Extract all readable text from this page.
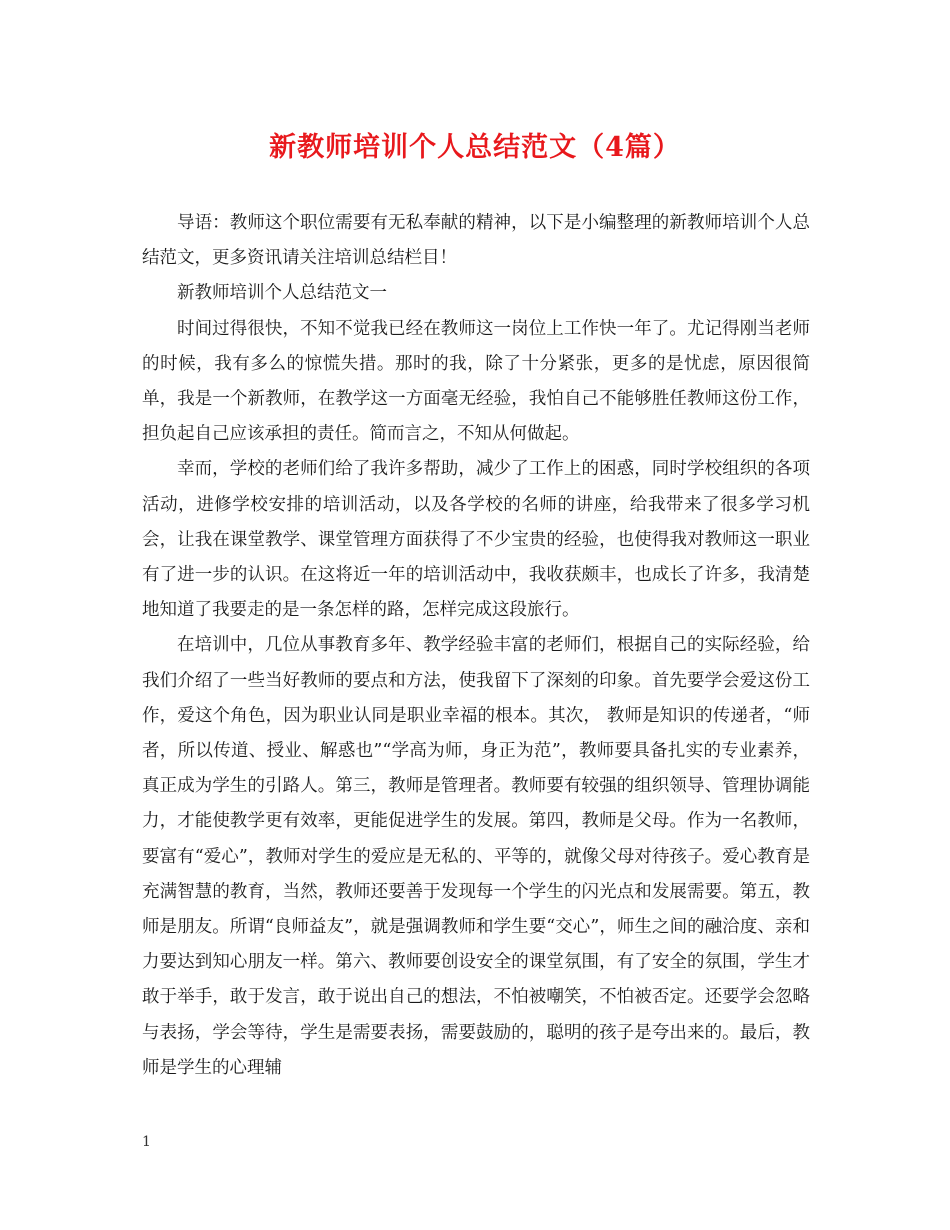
新教师培训个人总结范文（4篇）

导语：教师这个职位需要有无私奉献的精神，以下是小编整理的新教师培训个人总结范文，更多资讯请关注培训总结栏目！

新教师培训个人总结范文一

时间过得很快，不知不觉我已经在教师这一岗位上工作快一年了。尤记得刚当老师的时候，我有多么的惊慌失措。那时的我，除了十分紧张，更多的是忧虑，原因很简单，我是一个新教师，在教学这一方面毫无经验，我怕自己不能够胜任教师这份工作，担负起自己应该承担的责任。简而言之，不知从何做起。

幸而，学校的老师们给了我许多帮助，减少了工作上的困惑，同时学校组织的各项活动，进修学校安排的培训活动，以及各学校的名师的讲座，给我带来了很多学习机会，让我在课堂教学、课堂管理方面获得了不少宝贵的经验，也使得我对教师这一职业有了进一步的认识。在这将近一年的培训活动中，我收获颇丰，也成长了许多，我清楚地知道了我要走的是一条怎样的路，怎样完成这段旅行。

在培训中，几位从事教育多年、教学经验丰富的老师们，根据自己的实际经验，给我们介绍了一些当好教师的要点和方法，使我留下了深刻的印象。首先要学会爱这份工作，爱这个角色，因为职业认同是职业幸福的根本。其次， 教师是知识的传递者，“师者，所以传道、授业、解惑也”“学高为师，身正为范”，教师要具备扎实的专业素养，真正成为学生的引路人。第三，教师是管理者。教师要有较强的组织领导、管理协调能力，才能使教学更有效率，更能促进学生的发展。第四，教师是父母。作为一名教师，要富有“爱心”，教师对学生的爱应是无私的、平等的，就像父母对待孩子。爱心教育是充满智慧的教育，当然，教师还要善于发现每一个学生的闪光点和发展需要。第五，教师是朋友。所谓“良师益友”，就是强调教师和学生要“交心”，师生之间的融洽度、亲和力要达到知心朋友一样。第六、教师要创设安全的课堂氛围，有了安全的氛围，学生才敢于举手，敢于发言，敢于说出自己的想法，不怕被嘲笑，不怕被否定。还要学会忽略与表扬，学会等待，学生是需要表扬，需要鼓励的，聪明的孩子是夸出来的。最后，教师是学生的心理辅

1
